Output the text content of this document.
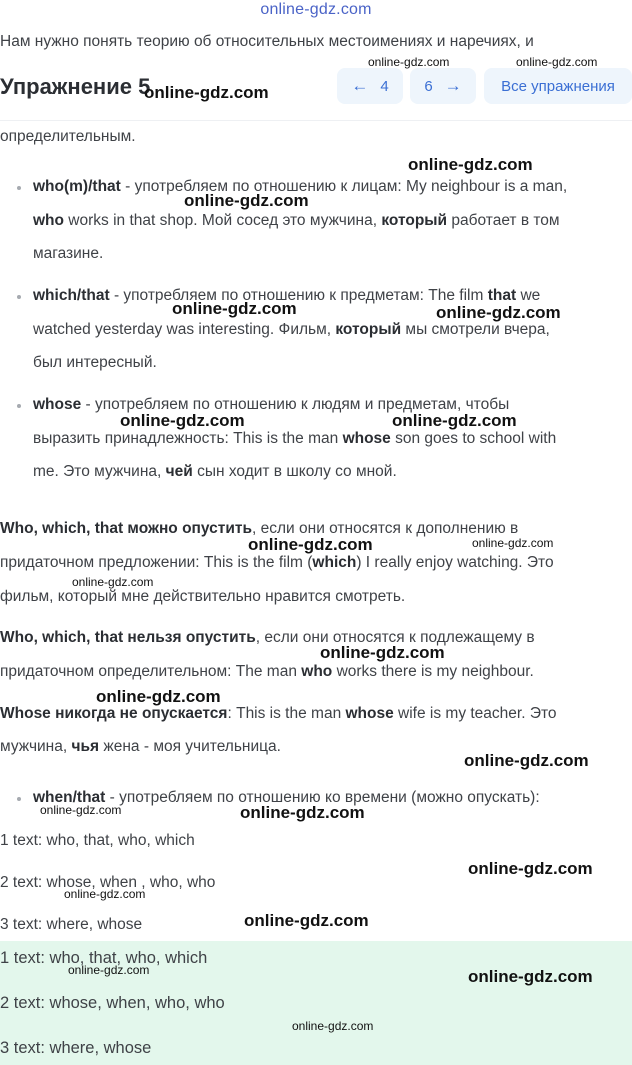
online-gdz.com
Нам нужно понять теорию об относительных местоимениях и наречиях, и
Упражнение 5	← 4 6 →	Все упражнения
определительным.
who(m)/that - употребляем по отношению к лицам: My neighbour is a man,
who works in that shop. Мой сосед это мужчина, который работает в том
магазине.
which/that - употребляем по отношению к предметам: The film that we
watched yesterday was interesting. Фильм, который мы смотрели вчера,
был интересный.
whose - употребляем по отношению к людям и предметам, чтобы
выразить принадлежность: This is the man whose son goes to school with
me. Это мужчина, чей сын ходит в школу со мной.
Who, which, that можно опустить, если они относятся к дополнению в
придаточном предложении: This is the film (which) I really enjoy watching. Это
фильм, который мне действительно нравится смотреть.
Who, which, that нельзя опустить, если они относятся к подлежащему в
придаточном определительном: The man who works there is my neighbour.
Whose никогда не опускается: This is the man whose wife is my teacher. Это
мужчина, чья жена - моя учительница.
when/that - употребляем по отношению ко времени (можно опускать):
1 text: who, that, who, which
2 text: whose, when , who, who
3 text: where, whose
1 text: who, that, who, which
2 text: whose, when, who, who
3 text: where, whose
online-gdz.com	online-gdz.com
online-gdz.com
online-gdz.com
online-gdz.com
online-gdz.com	online-gdz.com
online-gdz.com	online-gdz.com
online-gdz.com	online-gdz.com
online-gdz.com
online-gdz.com
online-gdz.com
online-gdz.com
online-gdz.com	online-gdz.com
online-gdz.com
online-gdz.com
online-gdz.com
online-gdz.com	online-gdz.com
online-gdz.com
